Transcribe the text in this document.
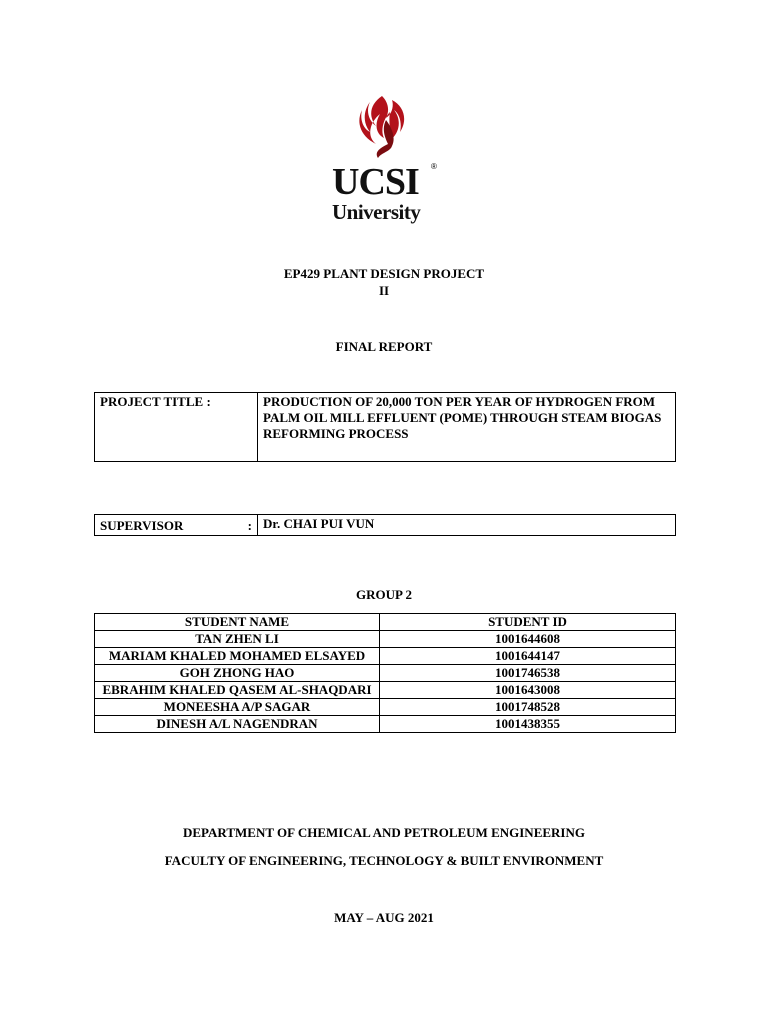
UCSI ®
University
EP429 PLANT DESIGN PROJECT
II
FINAL REPORT
PROJECT TITLE :	PRODUCTION OF 20,000 TON PER YEAR OF HYDROGEN FROM PALM OIL MILL EFFLUENT (POME) THROUGH STEAM BIOGAS REFORMING PROCESS
SUPERVISOR	:	Dr. CHAI PUI VUN
GROUP 2
STUDENT NAME	STUDENT ID
TAN ZHEN LI	1001644608
MARIAM KHALED MOHAMED ELSAYED	1001644147
GOH ZHONG HAO	1001746538
EBRAHIM KHALED QASEM AL-SHAQDARI	1001643008
MONEESHA A/P SAGAR	1001748528
DINESH A/L NAGENDRAN	1001438355
DEPARTMENT OF CHEMICAL AND PETROLEUM ENGINEERING
FACULTY OF ENGINEERING, TECHNOLOGY & BUILT ENVIRONMENT
MAY – AUG 2021
